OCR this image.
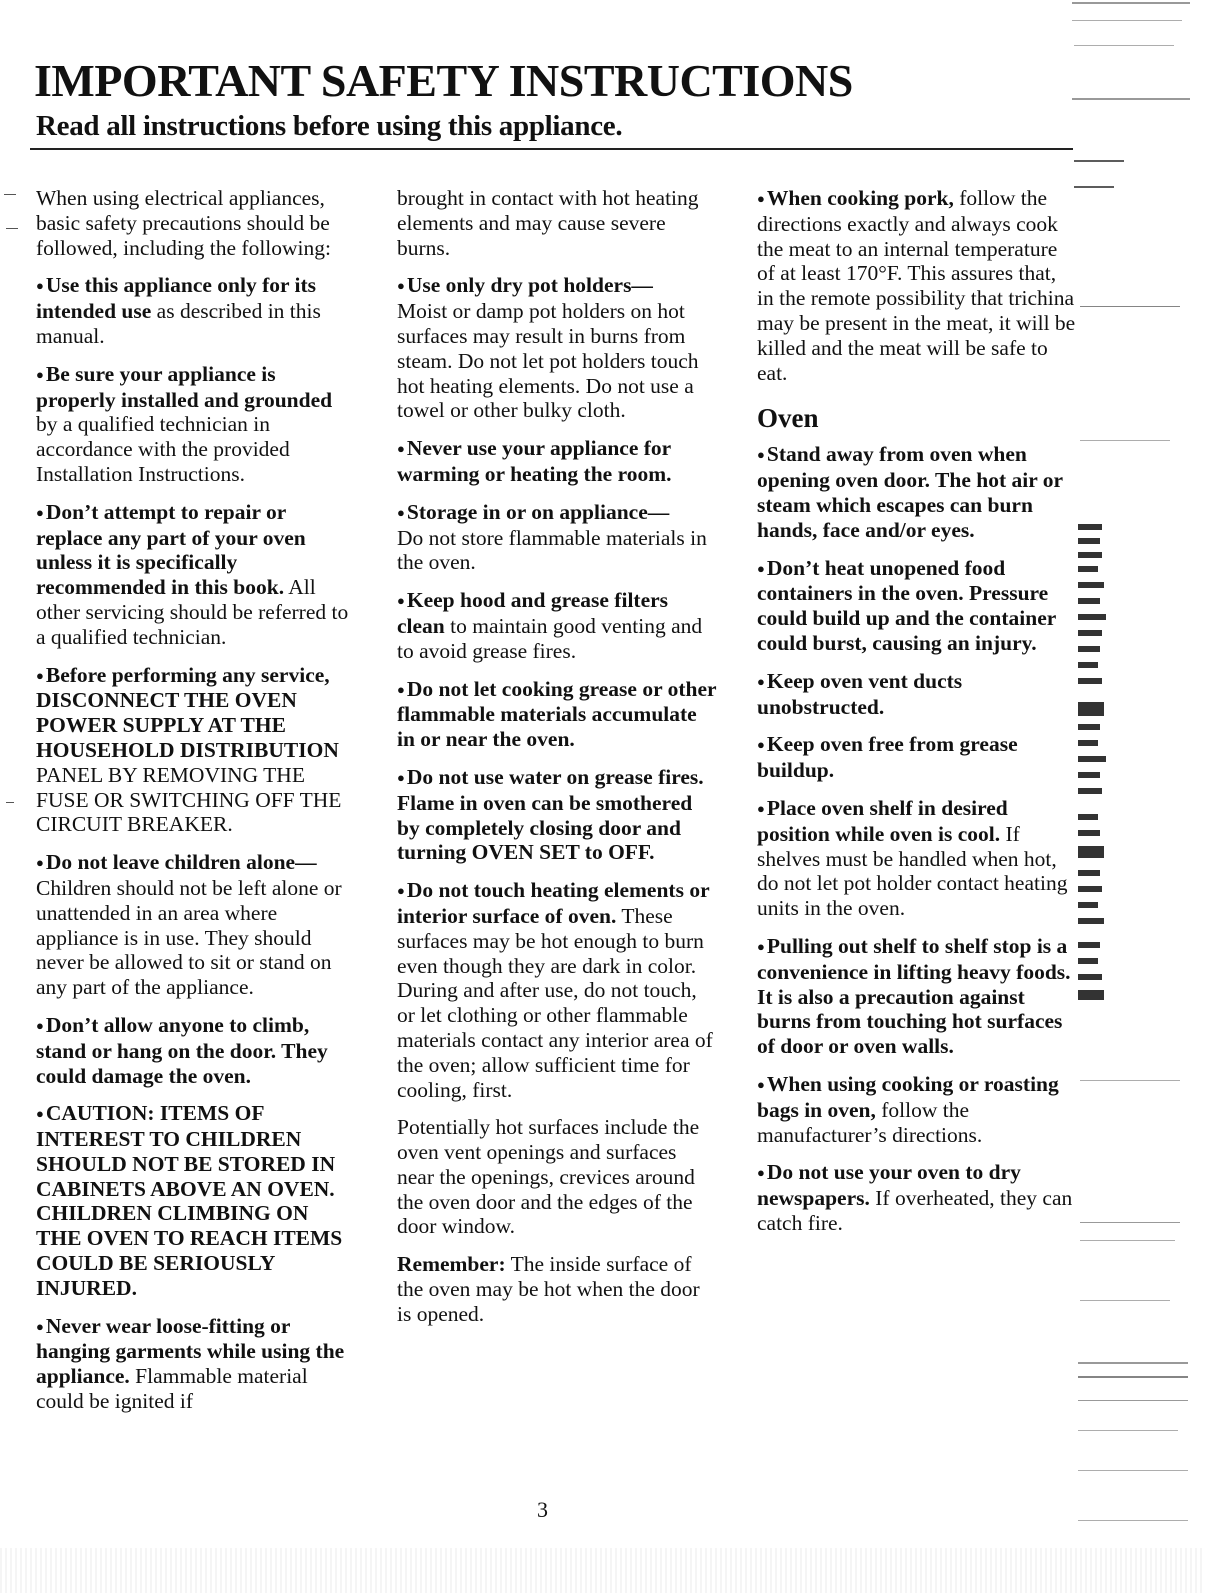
IMPORTANT SAFETY INSTRUCTIONS
Read all instructions before using this appliance.

When using electrical appliances, basic safety precautions should be followed, including the following:

●Use this appliance only for its intended use as described in this manual.

●Be sure your appliance is properly installed and grounded by a qualified technician in accordance with the provided Installation Instructions.

●Don’t attempt to repair or replace any part of your oven unless it is specifically recommended in this book. All other servicing should be referred to a qualified technician.

●Before performing any service, DISCONNECT THE OVEN POWER SUPPLY AT THE HOUSEHOLD DISTRIBUTION PANEL BY REMOVING THE FUSE OR SWITCHING OFF THE CIRCUIT BREAKER.

●Do not leave children alone—
Children should not be left alone or unattended in an area where appliance is in use. They should never be allowed to sit or stand on any part of the appliance.

●Don’t allow anyone to climb, stand or hang on the door. They could damage the oven.

●CAUTION: ITEMS OF INTEREST TO CHILDREN SHOULD NOT BE STORED IN CABINETS ABOVE AN OVEN. CHILDREN CLIMBING ON THE OVEN TO REACH ITEMS COULD BE SERIOUSLY INJURED.

●Never wear loose-fitting or hanging garments while using the appliance. Flammable material could be ignited if

brought in contact with hot heating elements and may cause severe burns.

●Use only dry pot holders—
Moist or damp pot holders on hot surfaces may result in burns from steam. Do not let pot holders touch hot heating elements. Do not use a towel or other bulky cloth.

●Never use your appliance for warming or heating the room.

●Storage in or on appliance—
Do not store flammable materials in the oven.

●Keep hood and grease filters clean to maintain good venting and to avoid grease fires.

●Do not let cooking grease or other flammable materials accumulate in or near the oven.

●Do not use water on grease fires. Flame in oven can be smothered by completely closing door and turning OVEN SET to OFF.

●Do not touch heating elements or interior surface of oven. These surfaces may be hot enough to burn even though they are dark in color. During and after use, do not touch, or let clothing or other flammable materials contact any interior area of the oven; allow sufficient time for cooling, first.

Potentially hot surfaces include the oven vent openings and surfaces near the openings, crevices around the oven door and the edges of the door window.

Remember: The inside surface of the oven may be hot when the door is opened.

●When cooking pork, follow the directions exactly and always cook the meat to an internal temperature of at least 170°F. This assures that, in the remote possibility that trichina may be present in the meat, it will be killed and the meat will be safe to eat.

Oven

●Stand away from oven when opening oven door. The hot air or steam which escapes can burn hands, face and/or eyes.

●Don’t heat unopened food containers in the oven. Pressure could build up and the container could burst, causing an injury.

●Keep oven vent ducts unobstructed.

●Keep oven free from grease buildup.

●Place oven shelf in desired position while oven is cool. If shelves must be handled when hot, do not let pot holder contact heating units in the oven.

●Pulling out shelf to shelf stop is a convenience in lifting heavy foods. It is also a precaution against burns from touching hot surfaces of door or oven walls.

●When using cooking or roasting bags in oven, follow the manufacturer’s directions.

●Do not use your oven to dry newspapers. If overheated, they can catch fire.

3
